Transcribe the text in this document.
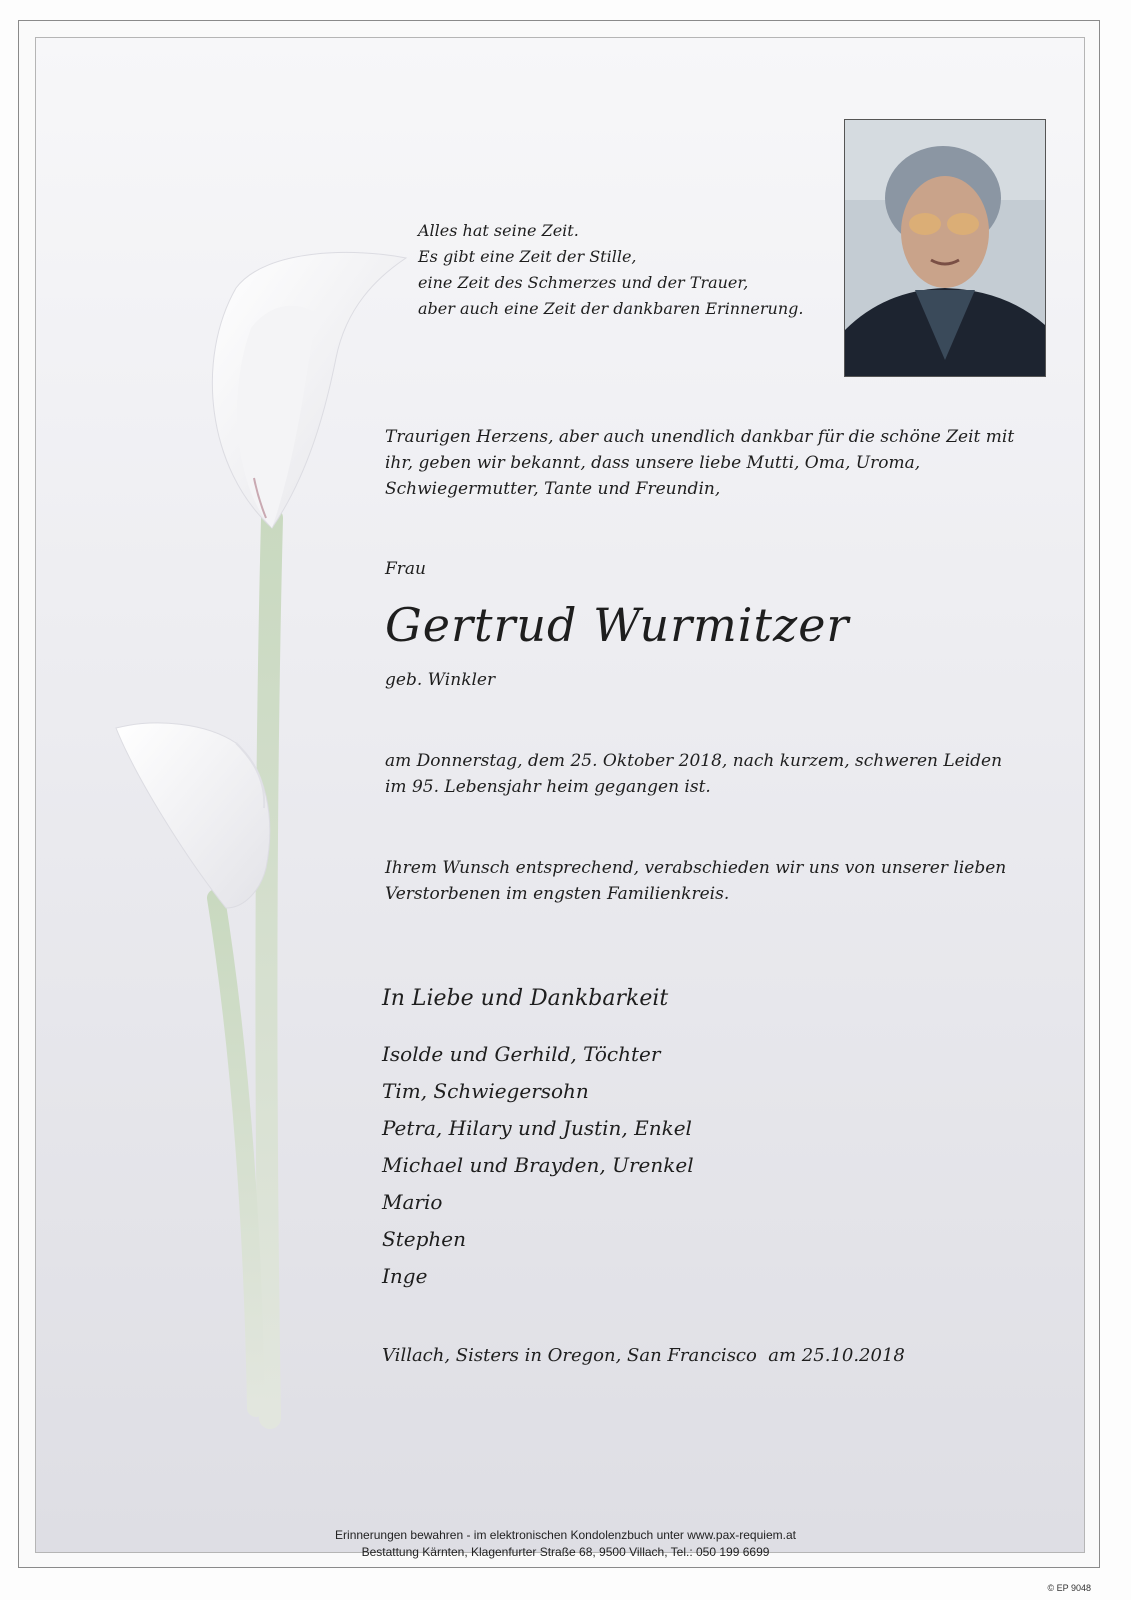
Alles hat seine Zeit.
Es gibt eine Zeit der Stille,
eine Zeit des Schmerzes und der Trauer,
aber auch eine Zeit der dankbaren Erinnerung.
Traurigen Herzens, aber auch unendlich dankbar für die schöne Zeit mit ihr, geben wir bekannt, dass unsere liebe Mutti, Oma, Uroma, Schwiegermutter, Tante und Freundin,
Frau
Gertrud Wurmitzer
geb. Winkler
am Donnerstag, dem 25. Oktober 2018, nach kurzem, schweren Leiden im 95. Lebensjahr heim gegangen ist.
Ihrem Wunsch entsprechend, verabschieden wir uns von unserer lieben Verstorbenen im engsten Familienkreis.
In Liebe und Dankbarkeit
Isolde und Gerhild, Töchter
Tim, Schwiegersohn
Petra, Hilary und Justin, Enkel
Michael und Brayden, Urenkel
Mario
Stephen
Inge
Villach, Sisters in Oregon, San Francisco  am 25.10.2018
Erinnerungen bewahren - im elektronischen Kondolenzbuch unter www.pax-requiem.at
Bestattung Kärnten, Klagenfurter Straße 68, 9500 Villach, Tel.: 050 199 6699
© EP 9048
